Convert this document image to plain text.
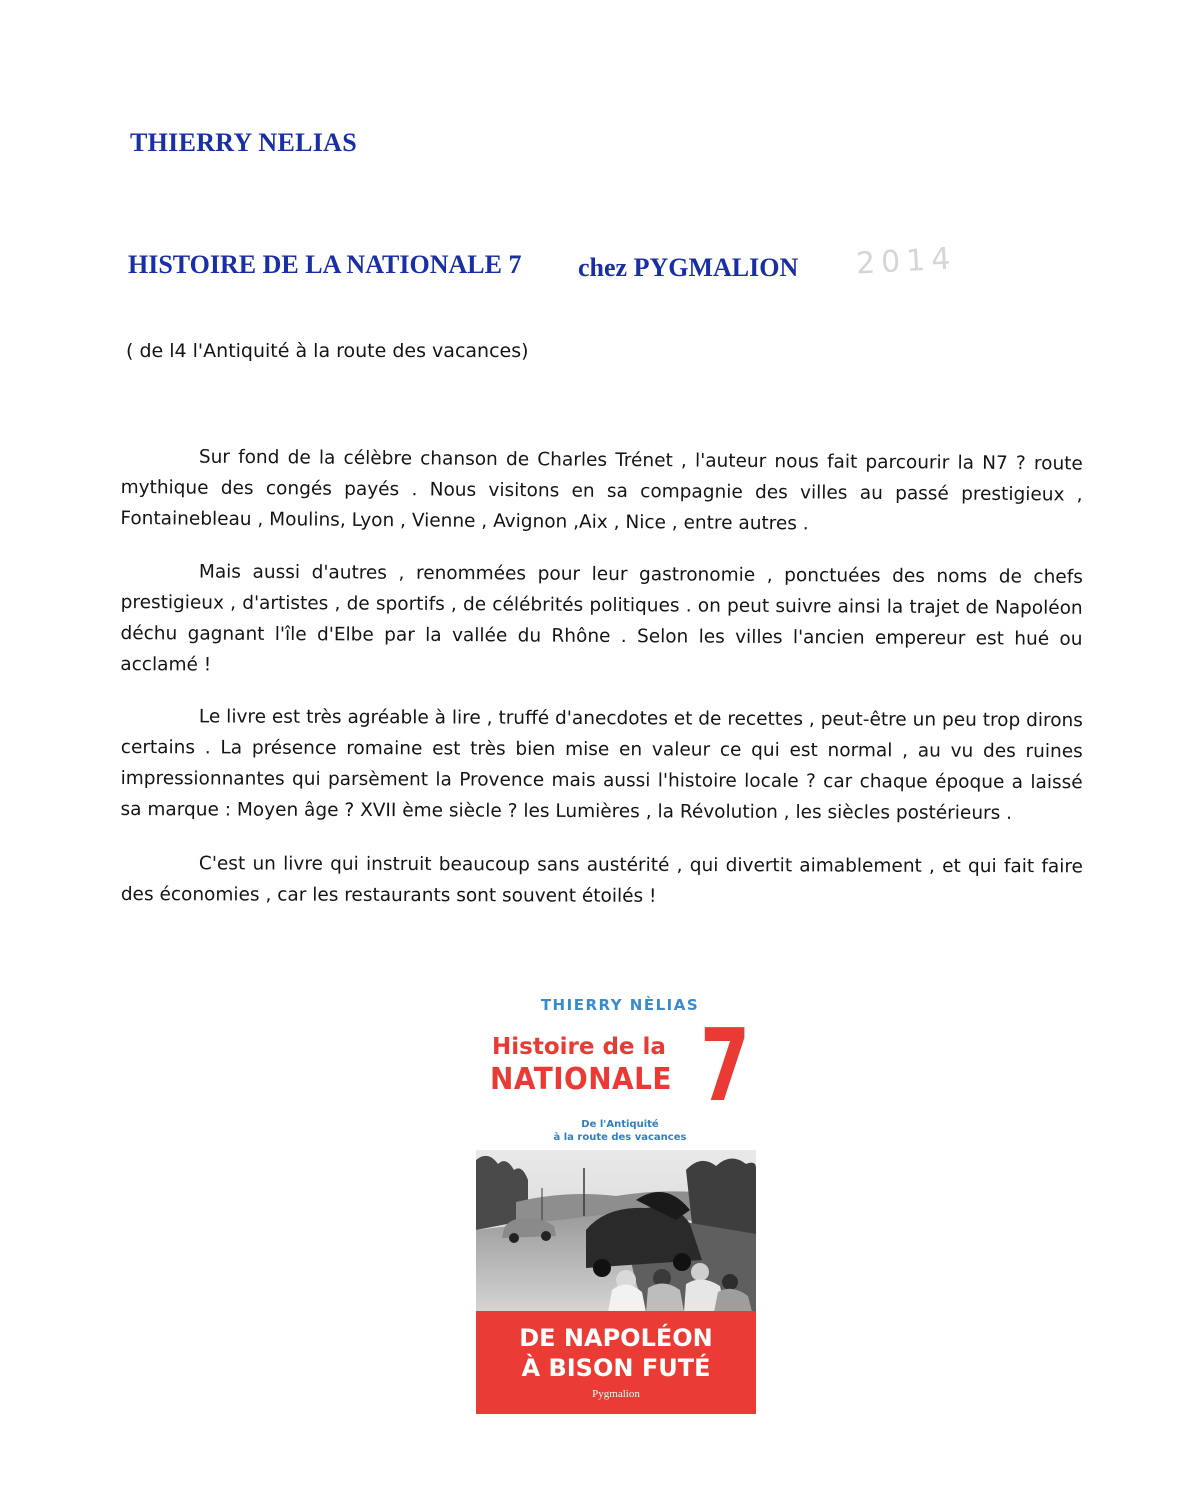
THIERRY NELIAS
HISTOIRE DE LA NATIONALE 7 chez PYGMALION 2014
( de l4 l'Antiquité à la route des vacances)

Sur fond de la célèbre chanson de Charles Trénet , l'auteur nous fait parcourir la N7 ? route mythique des congés payés . Nous visitons en sa compagnie des villes au passé prestigieux , Fontainebleau , Moulins, Lyon , Vienne , Avignon ,Aix , Nice , entre autres .

Mais aussi d'autres , renommées pour leur gastronomie , ponctuées des noms de chefs prestigieux , d'artistes , de sportifs , de célébrités politiques . on peut suivre ainsi la trajet de Napoléon déchu gagnant l'île d'Elbe par la vallée du Rhône . Selon les villes l'ancien empereur est hué ou acclamé !

Le livre est très agréable à lire , truffé d'anecdotes et de recettes , peut-être un peu trop dirons certains . La présence romaine est très bien mise en valeur ce qui est normal , au vu des ruines impressionnantes qui parsèment la Provence mais aussi l'histoire locale ? car chaque époque a laissé sa marque : Moyen âge ? XVII ème siècle ? les Lumières , la Révolution , les siècles postérieurs .

C'est un livre qui instruit beaucoup sans austérité , qui divertit aimablement , et qui fait faire des économies , car les restaurants sont souvent étoilés !

THIERRY NÈLIAS
7
Histoire de la
NATIONALE
De l'Antiquité
à la route des vacances
DE NAPOLÉON
À BISON FUTÉ
Pygmalion
